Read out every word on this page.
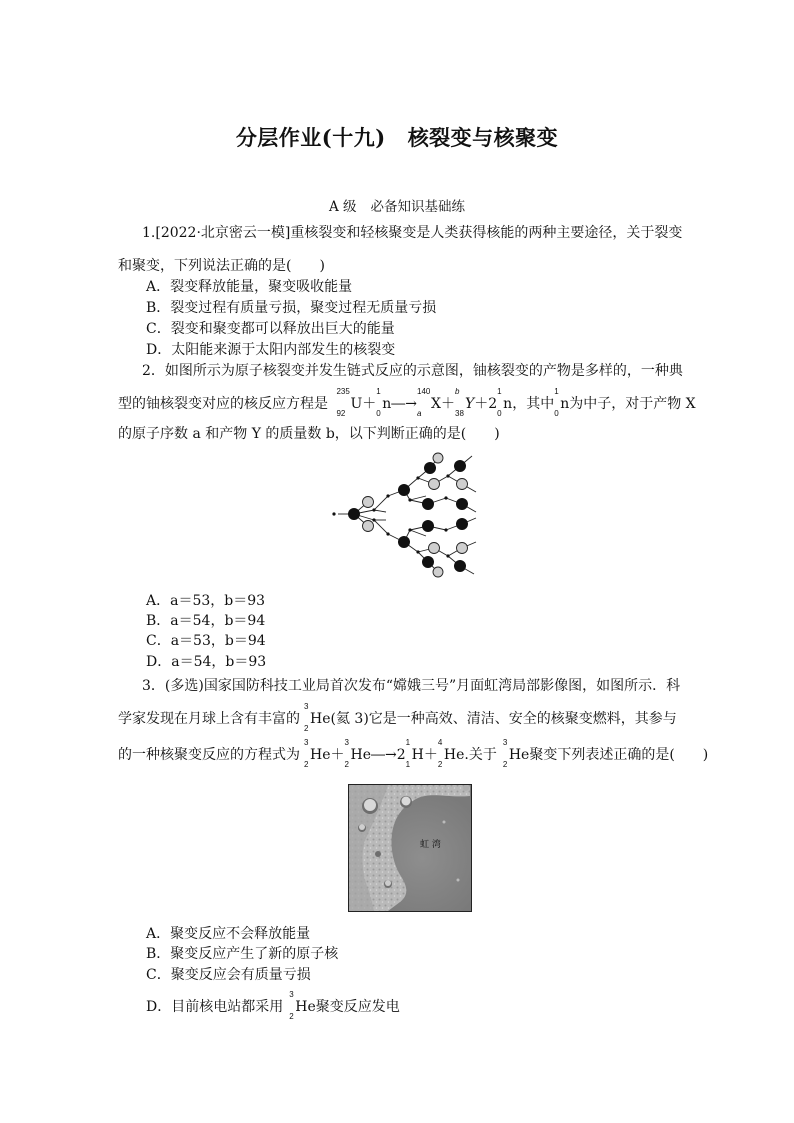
分层作业(十九) 核裂变与核聚变
A 级 必备知识基础练
1.[2022·北京密云一模]重核裂变和轻核聚变是人类获得核能的两种主要途径，关于裂变
和聚变，下列说法正确的是(　　)
A．裂变释放能量，聚变吸收能量
B．裂变过程有质量亏损，聚变过程无质量亏损
C．裂变和聚变都可以释放出巨大的能量
D．太阳能来源于太阳内部发生的核裂变
2．如图所示为原子核裂变并发生链式反应的示意图，铀核裂变的产物是多样的，一种典
型的铀核裂变对应的核反应方程是
235
92
U＋
1
0
n―→
140
a
X＋
b
38
Y＋2
1
0
n，其中
1
0
n为中子，对于产物 X
的原子序数 a 和产物 Y 的质量数 b，以下判断正确的是(　　)
A．a＝53，b＝93
B．a＝54，b＝94
C．a＝53，b＝94
D．a＝54，b＝93
3．(多选)国家国防科技工业局首次发布“嫦娥三号”月面虹湾局部影像图，如图所示．科
学家发现在月球上含有丰富的
3
2
He(氦 3)它是一种高效、清洁、安全的核聚变燃料，其参与
的一种核聚变反应的方程式为
3
2
He＋
3
2
He―→2
1
1
H＋
4
2
He.关于
3
2
He聚变下列表述正确的是(　　)
虹 湾
A．聚变反应不会释放能量
B．聚变反应产生了新的原子核
C．聚变反应会有质量亏损
D．目前核电站都采用
3
2
He聚变反应发电
